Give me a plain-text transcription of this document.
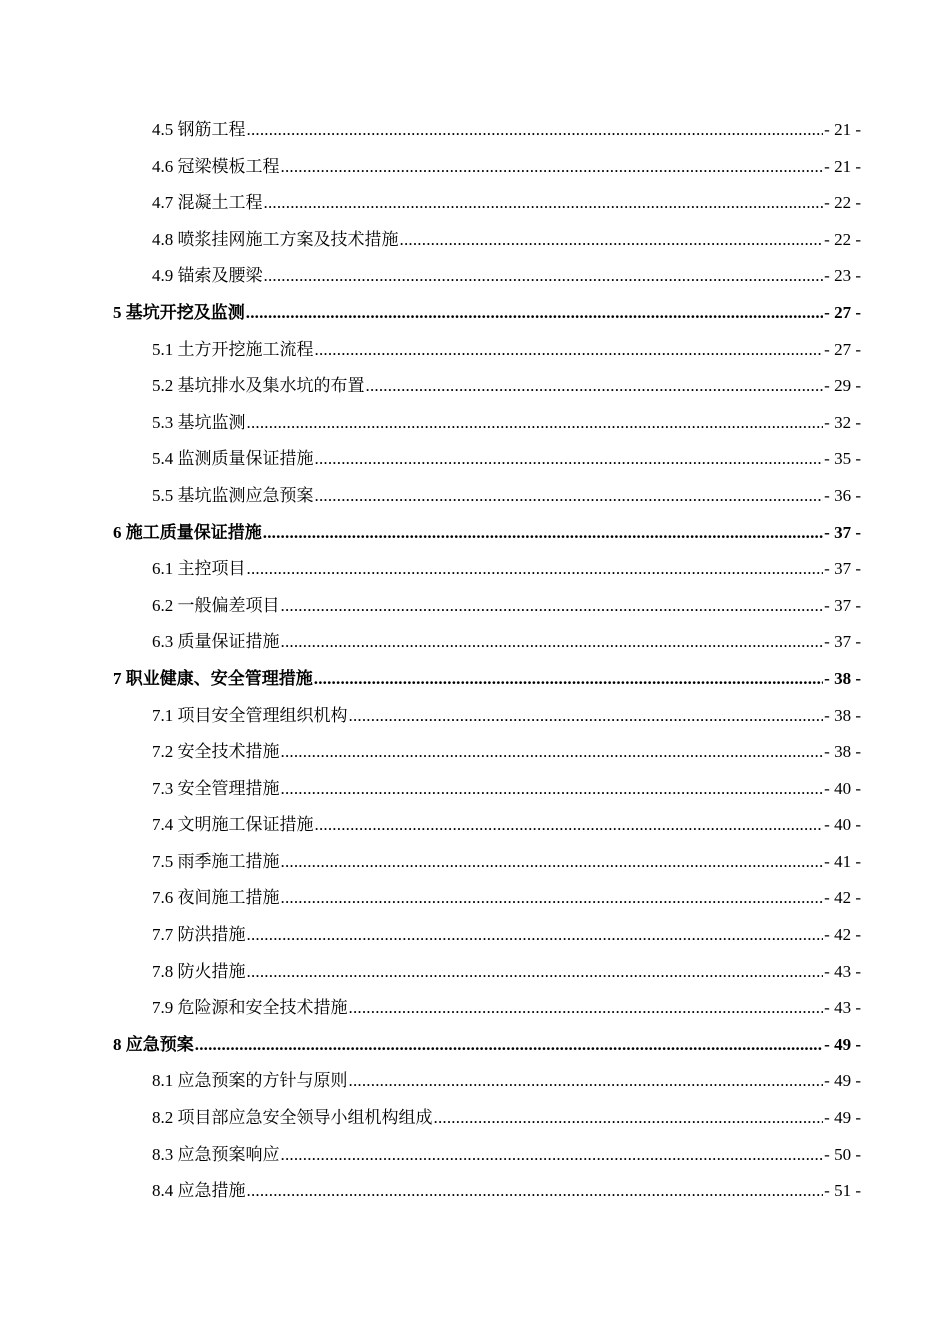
4.5 钢筋工程 .....	- 21 -
4.6 冠梁模板工程 .....	- 21 -
4.7 混凝土工程 .....	- 22 -
4.8 喷浆挂网施工方案及技术措施 .....	- 22 -
4.9 锚索及腰梁 .....	- 23 -
5 基坑开挖及监测 .....	- 27 -
5.1 土方开挖施工流程 .....	- 27 -
5.2 基坑排水及集水坑的布置 .....	- 29 -
5.3 基坑监测 .....	- 32 -
5.4 监测质量保证措施 .....	- 35 -
5.5 基坑监测应急预案 .....	- 36 -
6 施工质量保证措施 .....	- 37 -
6.1 主控项目 .....	- 37 -
6.2 一般偏差项目 .....	- 37 -
6.3 质量保证措施 .....	- 37 -
7 职业健康、安全管理措施 .....	- 38 -
7.1 项目安全管理组织机构 .....	- 38 -
7.2 安全技术措施 .....	- 38 -
7.3 安全管理措施 .....	- 40 -
7.4 文明施工保证措施 .....	- 40 -
7.5 雨季施工措施 .....	- 41 -
7.6 夜间施工措施 .....	- 42 -
7.7 防洪措施 .....	- 42 -
7.8 防火措施 .....	- 43 -
7.9 危险源和安全技术措施 .....	- 43 -
8 应急预案 .....	- 49 -
8.1 应急预案的方针与原则 .....	- 49 -
8.2 项目部应急安全领导小组机构组成 .....	- 49 -
8.3 应急预案响应 .....	- 50 -
8.4 应急措施 .....	- 51 -
